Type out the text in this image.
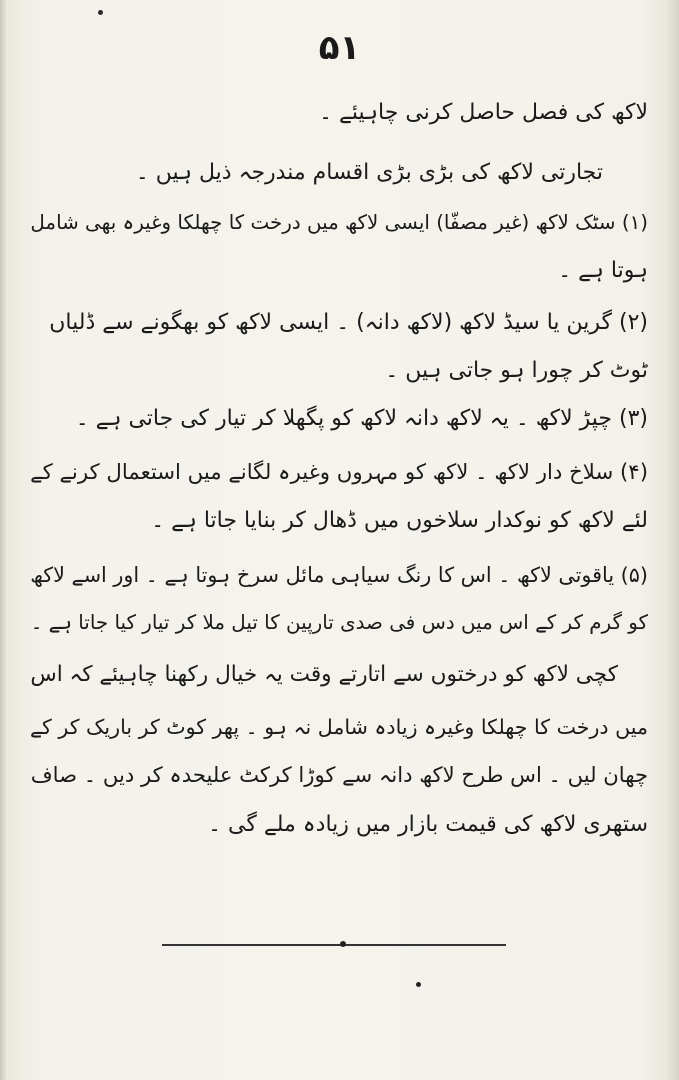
۵۱
لاکھ کی فصل حاصل کرنی چاہیئے ۔
تجارتی لاکھ کی بڑی بڑی اقسام مندرجہ ذیل ہیں ۔
(۱) سٹک لاکھ (غیر مصفّا) ایسی لاکھ میں درخت کا چھلکا وغیرہ بھی شامل
ہوتا ہے ۔
(۲) گرین یا سیڈ لاکھ (لاکھ دانہ) ۔ ایسی لاکھ کو بھگونے سے ڈلیاں
ٹوٹ کر چورا ہو جاتی ہیں ۔
(۳) چپڑ لاکھ ۔ یہ لاکھ دانہ لاکھ کو پگھلا کر تیار کی جاتی ہے ۔
(۴) سلاخ دار لاکھ ۔ لاکھ کو مہروں وغیرہ لگانے میں استعمال کرنے کے
لئے لاکھ کو نوکدار سلاخوں میں ڈھال کر بنایا جاتا ہے ۔
(۵) یاقوتی لاکھ ۔ اس کا رنگ سیاہی مائل سرخ ہوتا ہے ۔ اور اسے لاکھ
کو گرم کر کے اس میں دس فی صدی تارپین کا تیل ملا کر تیار کیا جاتا ہے ۔
کچی لاکھ کو درختوں سے اتارتے وقت یہ خیال رکھنا چاہیئے کہ اس
میں درخت کا چھلکا وغیرہ زیادہ شامل نہ ہو ۔ پھر کوٹ کر باریک کر کے
چھان لیں ۔ اس طرح لاکھ دانہ سے کوڑا کرکٹ علیحدہ کر دیں ۔ صاف
ستھری لاکھ کی قیمت بازار میں زیادہ ملے گی ۔
